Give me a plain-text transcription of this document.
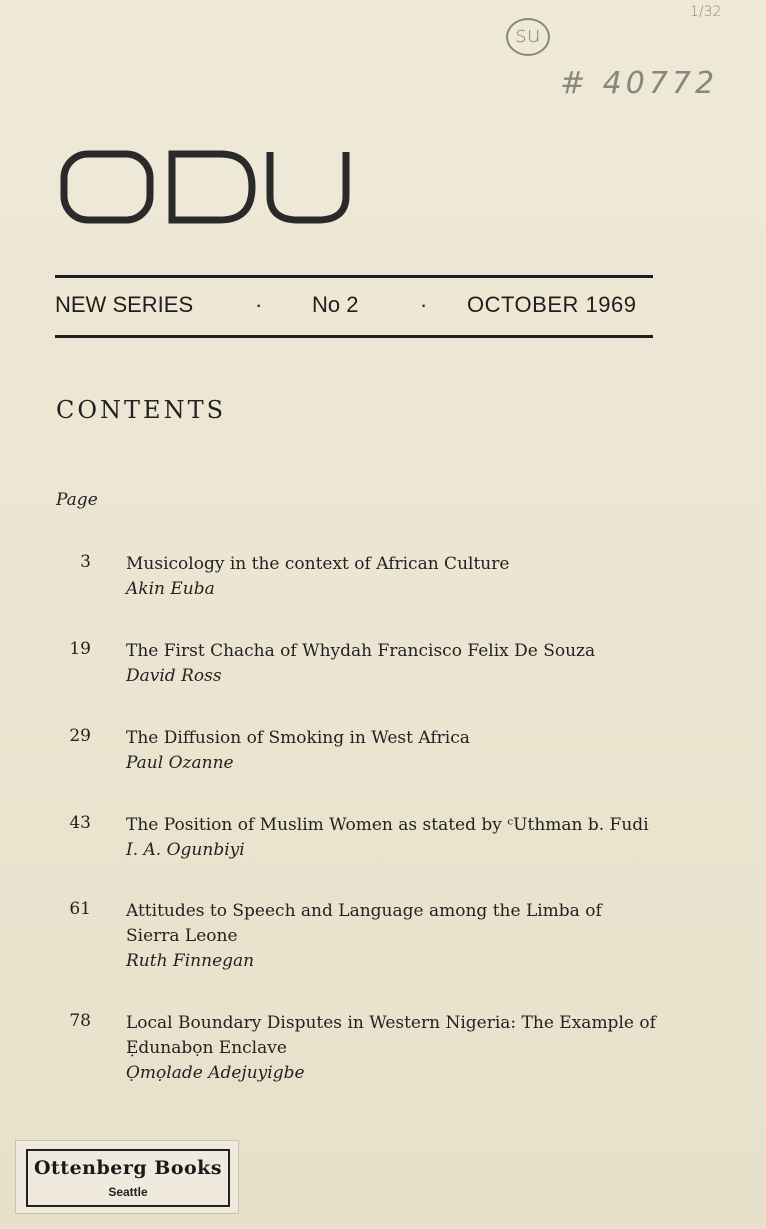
su
# 40772
1/32
NEW SERIES	· No 2	· OCTOBER 1969
CONTENTS
Page
3 Musicology in the context of African Culture
Akin Euba
19 The First Chacha of Whydah Francisco Felix De Souza
David Ross
29 The Diffusion of Smoking in West Africa
Paul Ozanne
43 The Position of Muslim Women as stated by ᶜUthman b. Fudi
I. A. Ogunbiyi
61 Attitudes to Speech and Language among the Limba of Sierra Leone
Ruth Finnegan
78 Local Boundary Disputes in Western Nigeria: The Example of Ẹdunabọn Enclave
Ọmọlade Adejuyigbe
Ottenberg Books
Seattle
